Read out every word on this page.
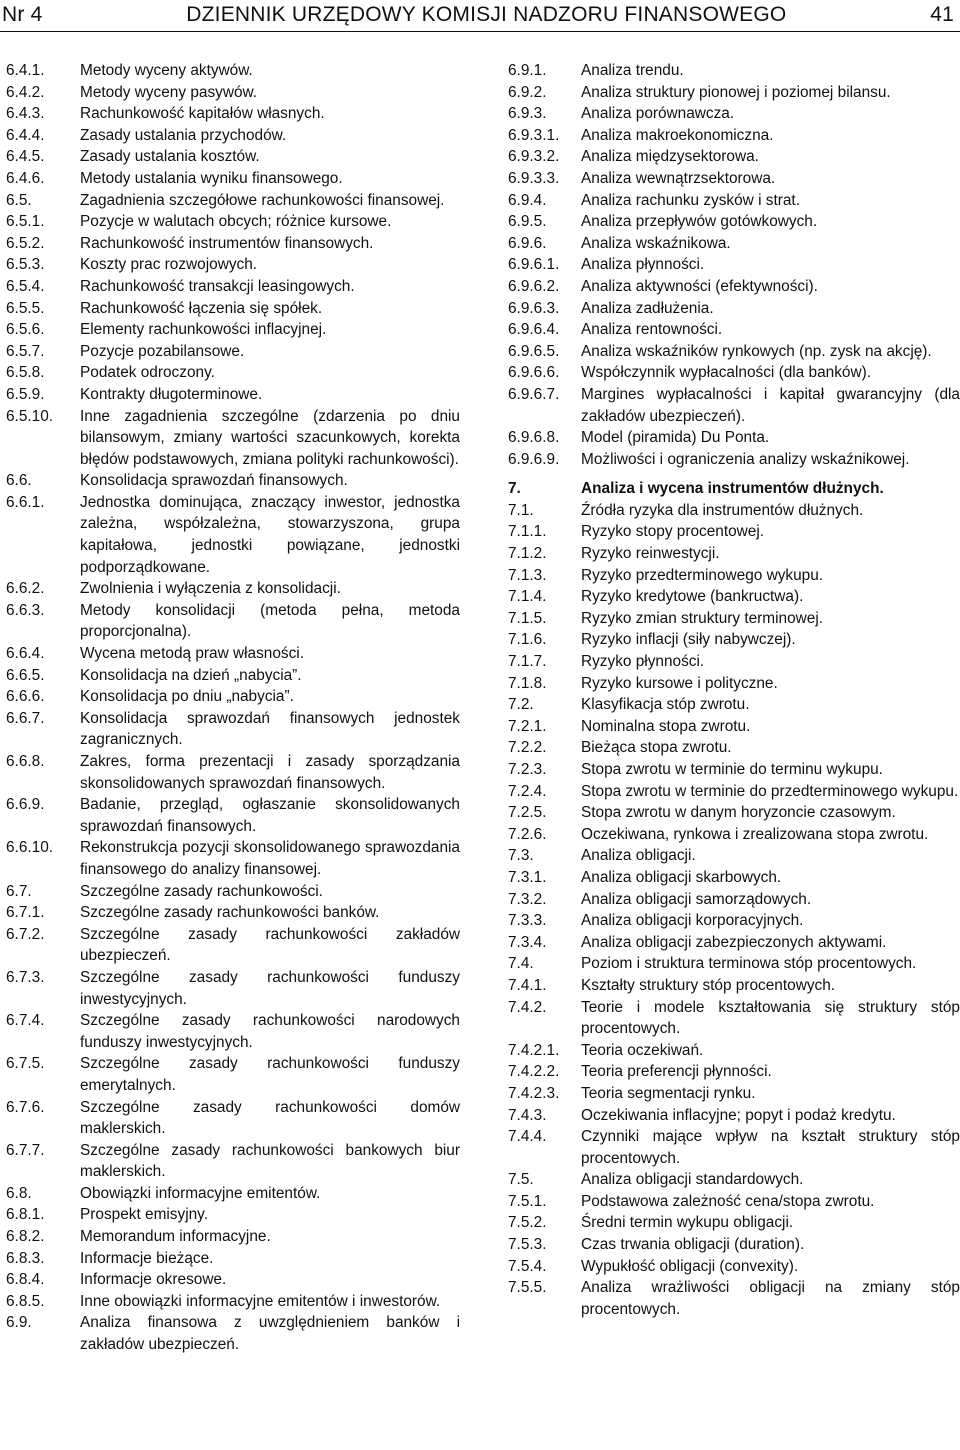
Nr 4	DZIENNIK URZĘDOWY KOMISJI NADZORU FINANSOWEGO	41
6.4.1.	Metody wyceny aktywów.
6.4.2.	Metody wyceny pasywów.
6.4.3.	Rachunkowość kapitałów własnych.
6.4.4.	Zasady ustalania przychodów.
6.4.5.	Zasady ustalania kosztów.
6.4.6.	Metody ustalania wyniku finansowego.
6.5.	Zagadnienia szczegółowe rachunkowości finansowej.
6.5.1.	Pozycje w walutach obcych; różnice kursowe.
6.5.2.	Rachunkowość instrumentów finansowych.
6.5.3.	Koszty prac rozwojowych.
6.5.4.	Rachunkowość transakcji leasingowych.
6.5.5.	Rachunkowość łączenia się spółek.
6.5.6.	Elementy rachunkowości inflacyjnej.
6.5.7.	Pozycje pozabilansowe.
6.5.8.	Podatek odroczony.
6.5.9.	Kontrakty długoterminowe.
6.5.10.	Inne zagadnienia szczególne (zdarzenia po dniu bilansowym, zmiany wartości szacunkowych, korekta błędów podstawowych, zmiana polityki rachunkowości).
6.6.	Konsolidacja sprawozdań finansowych.
6.6.1.	Jednostka dominująca, znaczący inwestor, jednostka zależna, współzależna, stowarzyszona, grupa kapitałowa, jednostki powiązane, jednostki podporządkowane.
6.6.2.	Zwolnienia i wyłączenia z konsolidacji.
6.6.3.	Metody konsolidacji (metoda pełna, metoda proporcjonalna).
6.6.4.	Wycena metodą praw własności.
6.6.5.	Konsolidacja na dzień „nabycia”.
6.6.6.	Konsolidacja po dniu „nabycia”.
6.6.7.	Konsolidacja sprawozdań finansowych jednostek zagranicznych.
6.6.8.	Zakres, forma prezentacji i zasady sporządzania skonsolidowanych sprawozdań finansowych.
6.6.9.	Badanie, przegląd, ogłaszanie skonsolidowanych sprawozdań finansowych.
6.6.10.	Rekonstrukcja pozycji skonsolidowanego sprawozdania finansowego do analizy finansowej.
6.7.	Szczególne zasady rachunkowości.
6.7.1.	Szczególne zasady rachunkowości banków.
6.7.2.	Szczególne zasady rachunkowości zakładów ubezpieczeń.
6.7.3.	Szczególne zasady rachunkowości funduszy inwestycyjnych.
6.7.4.	Szczególne zasady rachunkowości narodowych funduszy inwestycyjnych.
6.7.5.	Szczególne zasady rachunkowości funduszy emerytalnych.
6.7.6.	Szczególne zasady rachunkowości domów maklerskich.
6.7.7.	Szczególne zasady rachunkowości bankowych biur maklerskich.
6.8.	Obowiązki informacyjne emitentów.
6.8.1.	Prospekt emisyjny.
6.8.2.	Memorandum informacyjne.
6.8.3.	Informacje bieżące.
6.8.4.	Informacje okresowe.
6.8.5.	Inne obowiązki informacyjne emitentów i inwestorów.
6.9.	Analiza finansowa z uwzględnieniem banków i zakładów ubezpieczeń.
6.9.1.	Analiza trendu.
6.9.2.	Analiza struktury pionowej i poziomej bilansu.
6.9.3.	Analiza porównawcza.
6.9.3.1.	Analiza makroekonomiczna.
6.9.3.2.	Analiza międzysektorowa.
6.9.3.3.	Analiza wewnątrzsektorowa.
6.9.4.	Analiza rachunku zysków i strat.
6.9.5.	Analiza przepływów gotówkowych.
6.9.6.	Analiza wskaźnikowa.
6.9.6.1.	Analiza płynności.
6.9.6.2.	Analiza aktywności (efektywności).
6.9.6.3.	Analiza zadłużenia.
6.9.6.4.	Analiza rentowności.
6.9.6.5.	Analiza wskaźników rynkowych (np. zysk na akcję).
6.9.6.6.	Współczynnik wypłacalności (dla banków).
6.9.6.7.	Margines wypłacalności i kapitał gwarancyjny (dla zakładów ubezpieczeń).
6.9.6.8.	Model (piramida) Du Ponta.
6.9.6.9.	Możliwości i ograniczenia analizy wskaźnikowej.
7.	Analiza i wycena instrumentów dłużnych.
7.1.	Źródła ryzyka dla instrumentów dłużnych.
7.1.1.	Ryzyko stopy procentowej.
7.1.2.	Ryzyko reinwestycji.
7.1.3.	Ryzyko przedterminowego wykupu.
7.1.4.	Ryzyko kredytowe (bankructwa).
7.1.5.	Ryzyko zmian struktury terminowej.
7.1.6.	Ryzyko inflacji (siły nabywczej).
7.1.7.	Ryzyko płynności.
7.1.8.	Ryzyko kursowe i polityczne.
7.2.	Klasyfikacja stóp zwrotu.
7.2.1.	Nominalna stopa zwrotu.
7.2.2.	Bieżąca stopa zwrotu.
7.2.3.	Stopa zwrotu w terminie do terminu wykupu.
7.2.4.	Stopa zwrotu w terminie do przedterminowego wykupu.
7.2.5.	Stopa zwrotu w danym horyzoncie czasowym.
7.2.6.	Oczekiwana, rynkowa i zrealizowana stopa zwrotu.
7.3.	Analiza obligacji.
7.3.1.	Analiza obligacji skarbowych.
7.3.2.	Analiza obligacji samorządowych.
7.3.3.	Analiza obligacji korporacyjnych.
7.3.4.	Analiza obligacji zabezpieczonych aktywami.
7.4.	Poziom i struktura terminowa stóp procentowych.
7.4.1.	Kształty struktury stóp procentowych.
7.4.2.	Teorie i modele kształtowania się struktury stóp procentowych.
7.4.2.1.	Teoria oczekiwań.
7.4.2.2.	Teoria preferencji płynności.
7.4.2.3.	Teoria segmentacji rynku.
7.4.3.	Oczekiwania inflacyjne; popyt i podaż kredytu.
7.4.4.	Czynniki mające wpływ na kształt struktury stóp procentowych.
7.5.	Analiza obligacji standardowych.
7.5.1.	Podstawowa zależność cena/stopa zwrotu.
7.5.2.	Średni termin wykupu obligacji.
7.5.3.	Czas trwania obligacji (duration).
7.5.4.	Wypukłość obligacji (convexity).
7.5.5.	Analiza wrażliwości obligacji na zmiany stóp procentowych.
